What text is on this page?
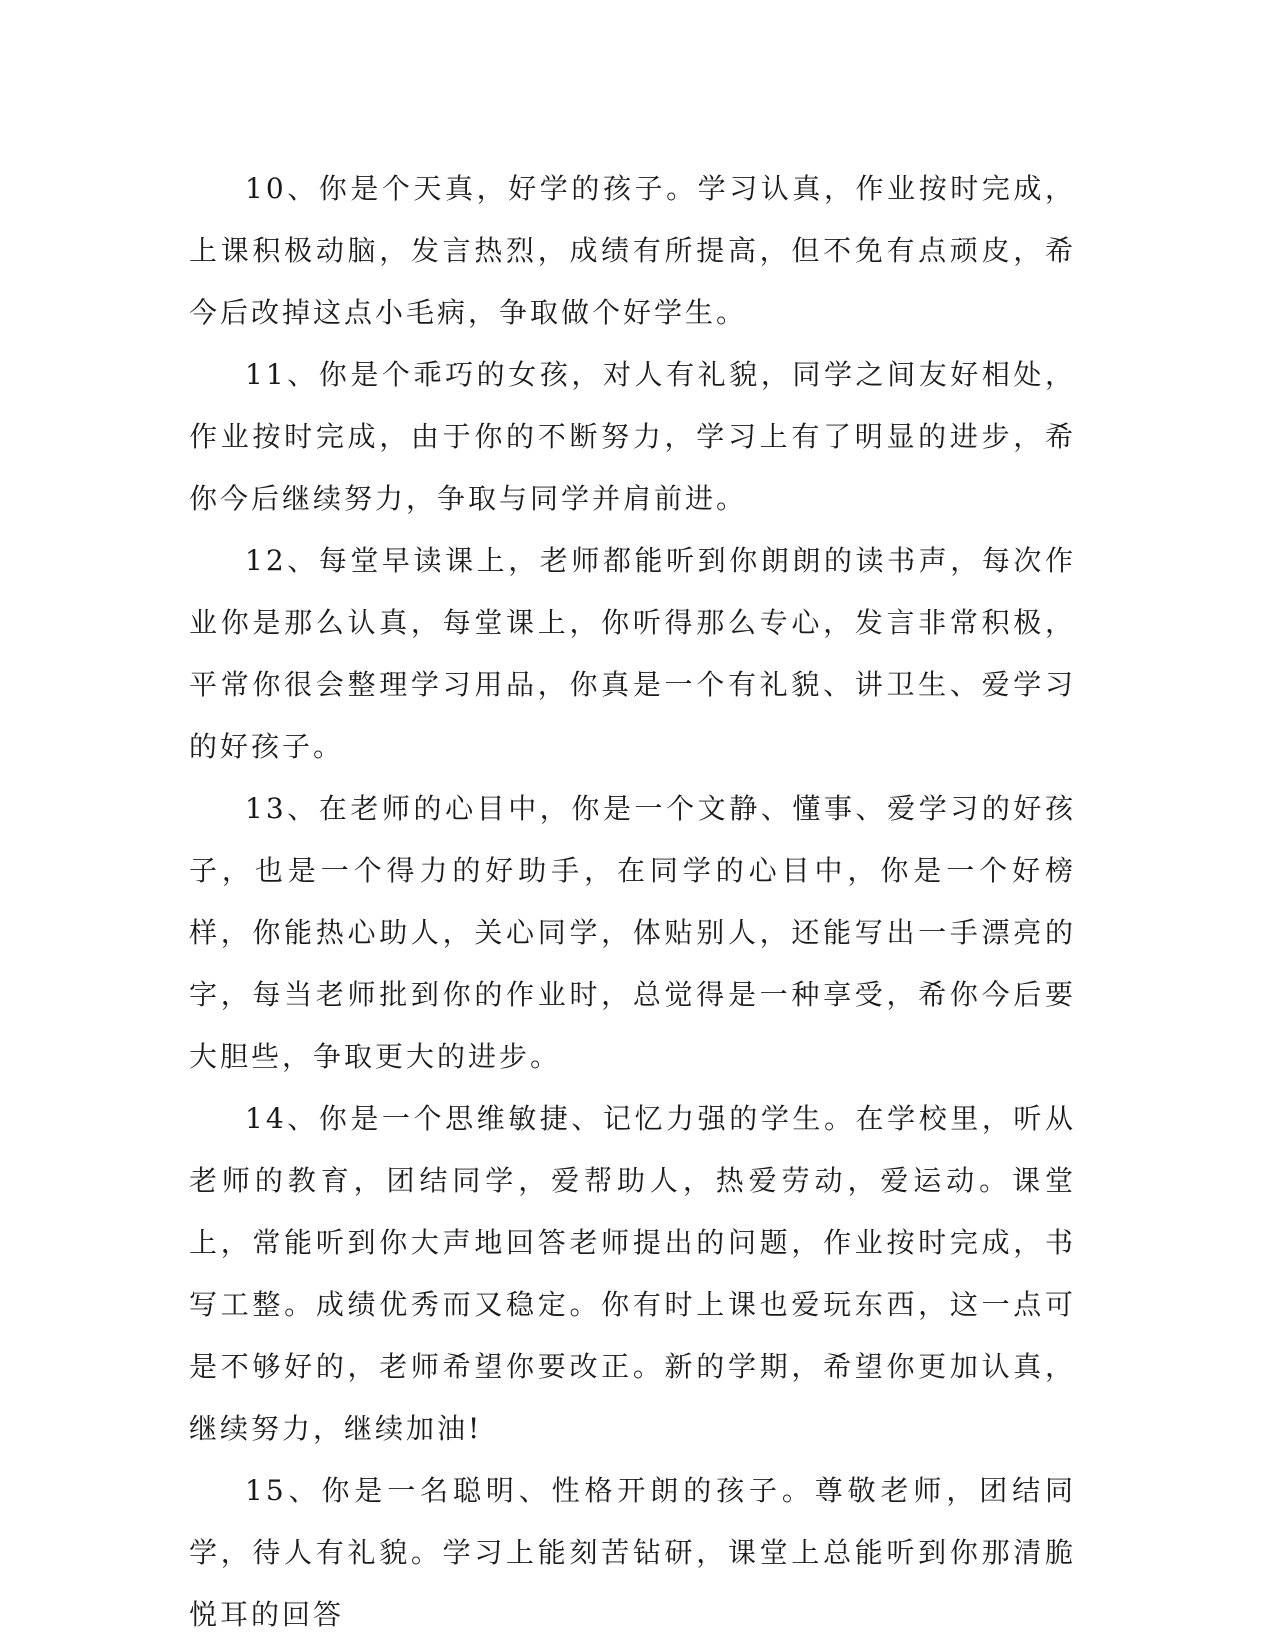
10、你是个天真，好学的孩子。学习认真，作业按时完成，上课积极动脑，发言热烈，成绩有所提高，但不免有点顽皮，希今后改掉这点小毛病，争取做个好学生。

11、你是个乖巧的女孩，对人有礼貌，同学之间友好相处，作业按时完成，由于你的不断努力，学习上有了明显的进步，希你今后继续努力，争取与同学并肩前进。

12、每堂早读课上，老师都能听到你朗朗的读书声，每次作业你是那么认真，每堂课上，你听得那么专心，发言非常积极，平常你很会整理学习用品，你真是一个有礼貌、讲卫生、爱学习的好孩子。

13、在老师的心目中，你是一个文静、懂事、爱学习的好孩子，也是一个得力的好助手，在同学的心目中，你是一个好榜样，你能热心助人，关心同学，体贴别人，还能写出一手漂亮的字，每当老师批到你的作业时，总觉得是一种享受，希你今后要大胆些，争取更大的进步。

14、你是一个思维敏捷、记忆力强的学生。在学校里，听从老师的教育，团结同学，爱帮助人，热爱劳动，爱运动。课堂上，常能听到你大声地回答老师提出的问题，作业按时完成，书写工整。成绩优秀而又稳定。你有时上课也爱玩东西，这一点可是不够好的，老师希望你要改正。新的学期，希望你更加认真，继续努力，继续加油!

15、你是一名聪明、性格开朗的孩子。尊敬老师，团结同学，待人有礼貌。学习上能刻苦钻研，课堂上总能听到你那清脆悦耳的回答
